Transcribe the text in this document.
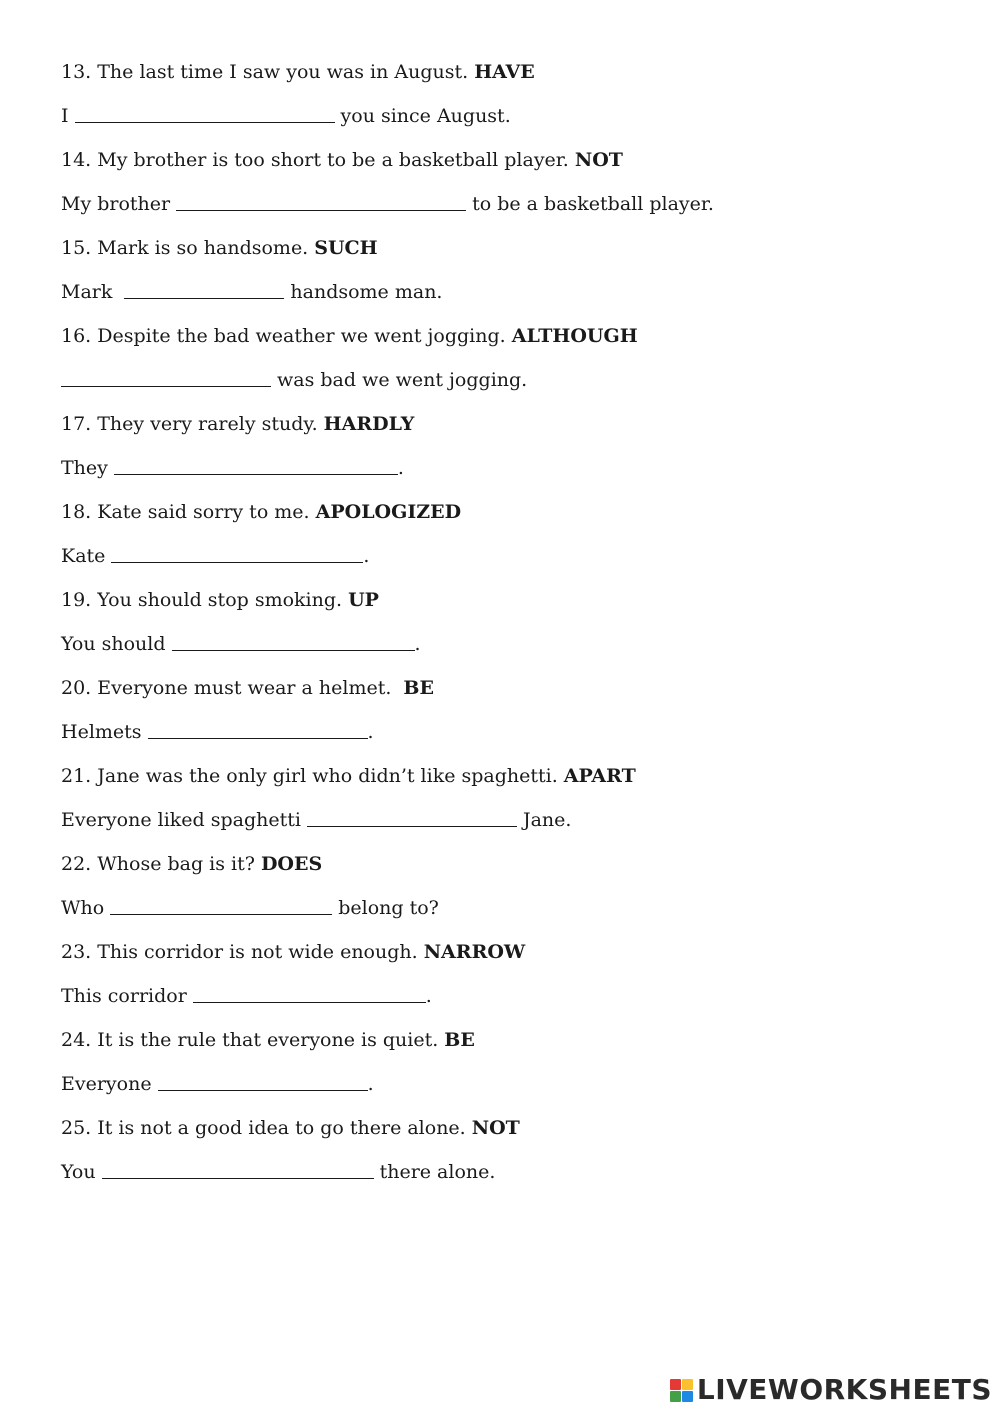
13. The last time I saw you was in August. HAVE
I	you since August.
14. My brother is too short to be a basketball player. NOT
My brother	to be a basketball player.
15. Mark is so handsome. SUCH
Mark	handsome man.
16. Despite the bad weather we went jogging. ALTHOUGH
was bad we went jogging.
17. They very rarely study. HARDLY
They	.
18. Kate said sorry to me. APOLOGIZED
Kate	.
19. You should stop smoking. UP
You should	.
20. Everyone must wear a helmet. BE
Helmets	.
21. Jane was the only girl who didn’t like spaghetti. APART
Everyone liked spaghetti	Jane.
22. Whose bag is it? DOES
Who	belong to?
23. This corridor is not wide enough. NARROW
This corridor	.
24. It is the rule that everyone is quiet. BE
Everyone	.
25. It is not a good idea to go there alone. NOT
You	there alone.
LIVEWORKSHEETS
